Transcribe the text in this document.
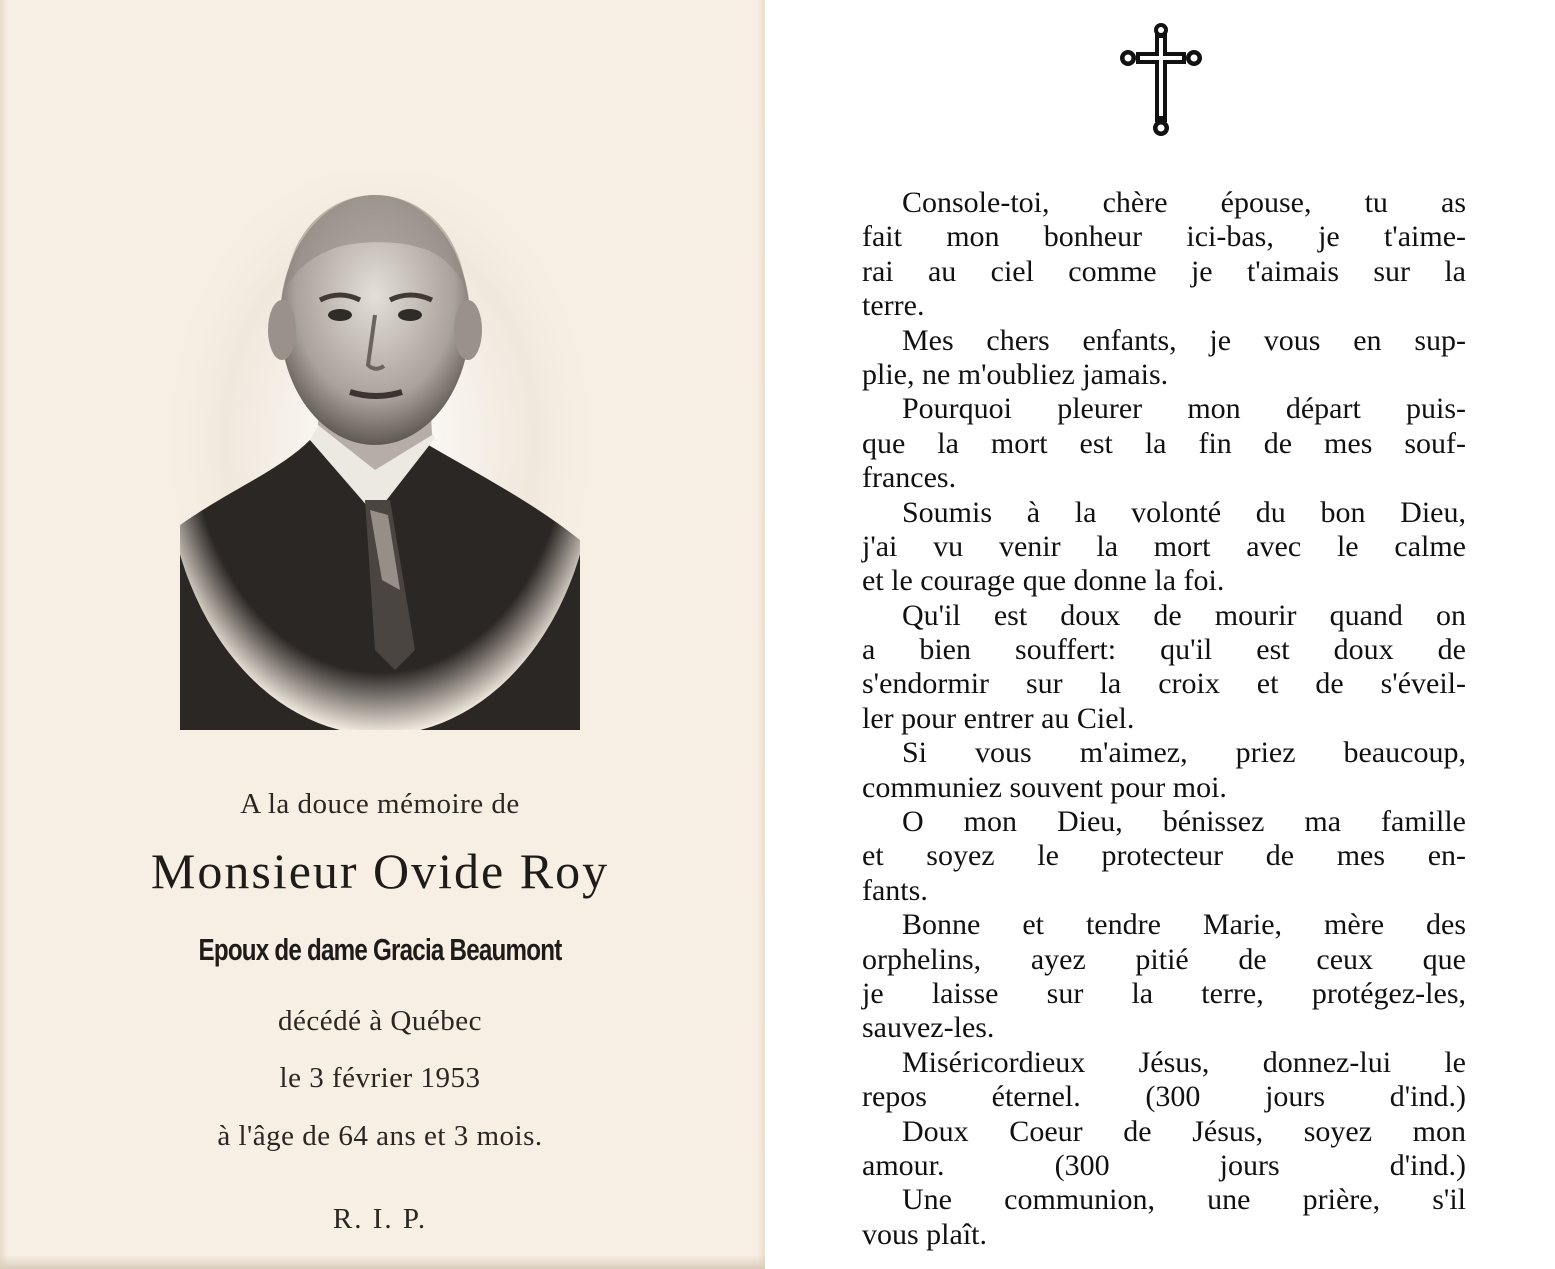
A la douce mémoire de
Monsieur Ovide Roy
Epoux de dame Gracia Beaumont
décédé à Québec
le 3 février 1953
à l'âge de 64 ans et 3 mois.
R. I. P.
Console-toi, chère épouse, tu as
fait mon bonheur ici-bas, je t'aime-
rai au ciel comme je t'aimais sur la
terre.
Mes chers enfants, je vous en sup-
plie, ne m'oubliez jamais.
Pourquoi pleurer mon départ puis-
que la mort est la fin de mes souf-
frances.
Soumis à la volonté du bon Dieu,
j'ai vu venir la mort avec le calme
et le courage que donne la foi.
Qu'il est doux de mourir quand on
a bien souffert: qu'il est doux de
s'endormir sur la croix et de s'éveil-
ler pour entrer au Ciel.
Si vous m'aimez, priez beaucoup,
communiez souvent pour moi.
O mon Dieu, bénissez ma famille
et soyez le protecteur de mes en-
fants.
Bonne et tendre Marie, mère des
orphelins, ayez pitié de ceux que
je laisse sur la terre, protégez-les,
sauvez-les.
Miséricordieux Jésus, donnez-lui le
repos éternel. (300 jours d'ind.)
Doux Coeur de Jésus, soyez mon
amour. (300 jours d'ind.)
Une communion, une prière, s'il
vous plaît.
